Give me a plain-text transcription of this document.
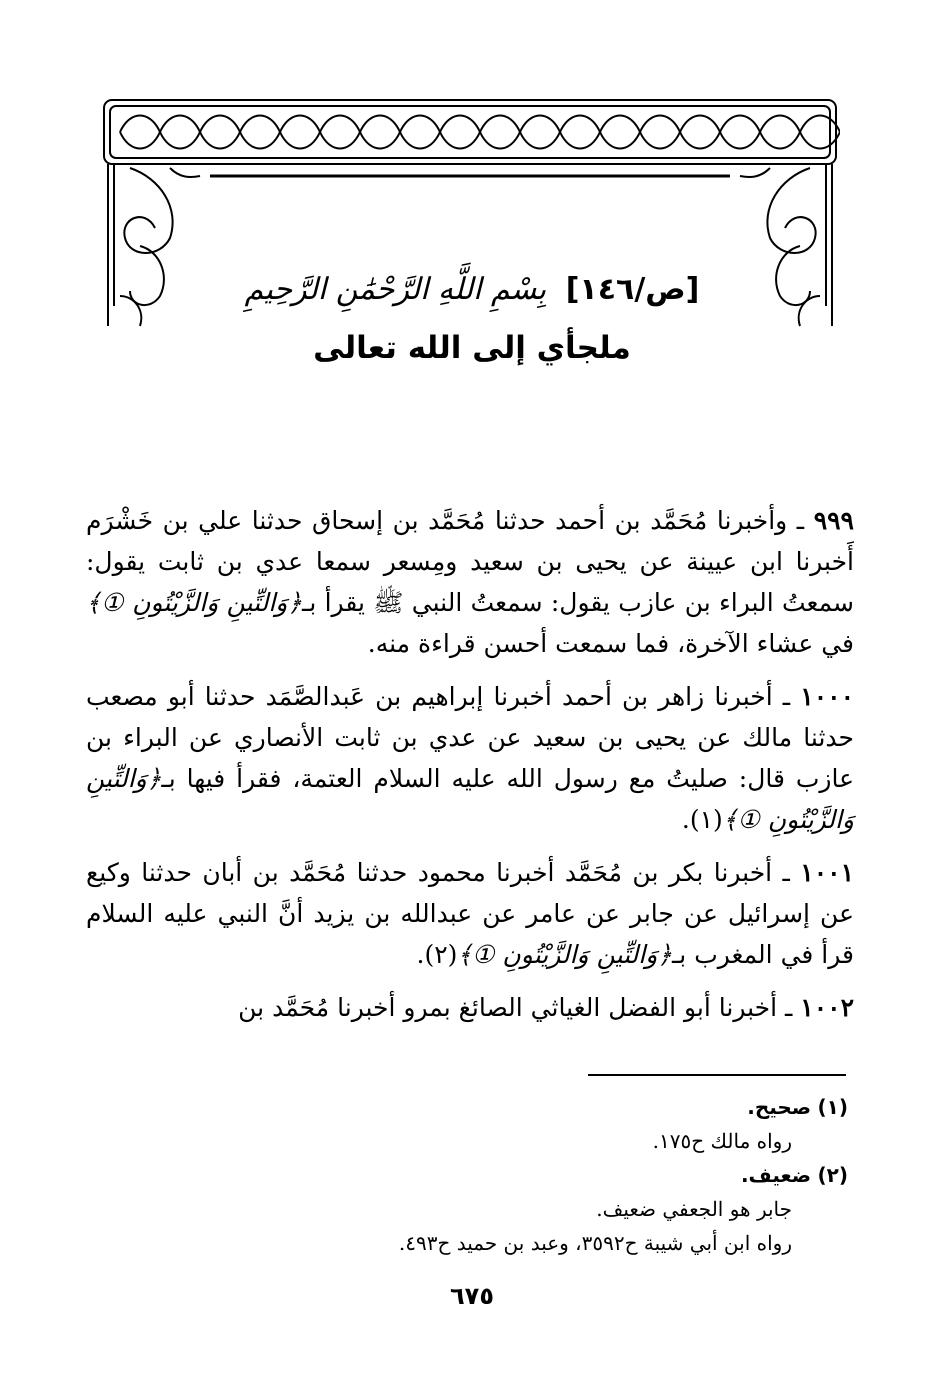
[ص/١٤٦] بِسْمِ اللَّهِ الرَّحْمَٰنِ الرَّحِيمِ
ملجأي إلى الله تعالى

٩٩٩ ـ وأخبرنا مُحَمَّد بن أحمد حدثنا مُحَمَّد بن إسحاق حدثنا علي بن خَشْرَم أَخبرنا ابن عيينة عن يحيى بن سعيد ومِسعر سمعا عدي بن ثابت يقول: سمعتُ البراء بن عازب يقول: سمعتُ النبي ﷺ يقرأ بـ﴿وَالتِّينِ وَالزَّيْتُونِ ①﴾ في عشاء الآخرة، فما سمعت أحسن قراءة منه.

١٠٠٠ ـ أخبرنا زاهر بن أحمد أخبرنا إبراهيم بن عَبدالصَّمَد حدثنا أبو مصعب حدثنا مالك عن يحيى بن سعيد عن عدي بن ثابت الأنصاري عن البراء بن عازب قال: صليتُ مع رسول الله عليه السلام العتمة، فقرأ فيها بـ﴿وَالتِّينِ وَالزَّيْتُونِ ①﴾(١).

١٠٠١ ـ أخبرنا بكر بن مُحَمَّد أخبرنا محمود حدثنا مُحَمَّد بن أبان حدثنا وكيع عن إسرائيل عن جابر عن عامر عن عبدالله بن يزيد أنَّ النبي عليه السلام قرأ في المغرب بـ﴿وَالتِّينِ وَالزَّيْتُونِ ①﴾(٢).

١٠٠٢ ـ أخبرنا أبو الفضل الغياثي الصائغ بمرو أخبرنا مُحَمَّد بن

(١) صحيح.
رواه مالك ح١٧٥.
(٢) ضعيف.
جابر هو الجعفي ضعيف.
رواه ابن أبي شيبة ح٣٥٩٢، وعبد بن حميد ح٤٩٣.
٦٧٥
